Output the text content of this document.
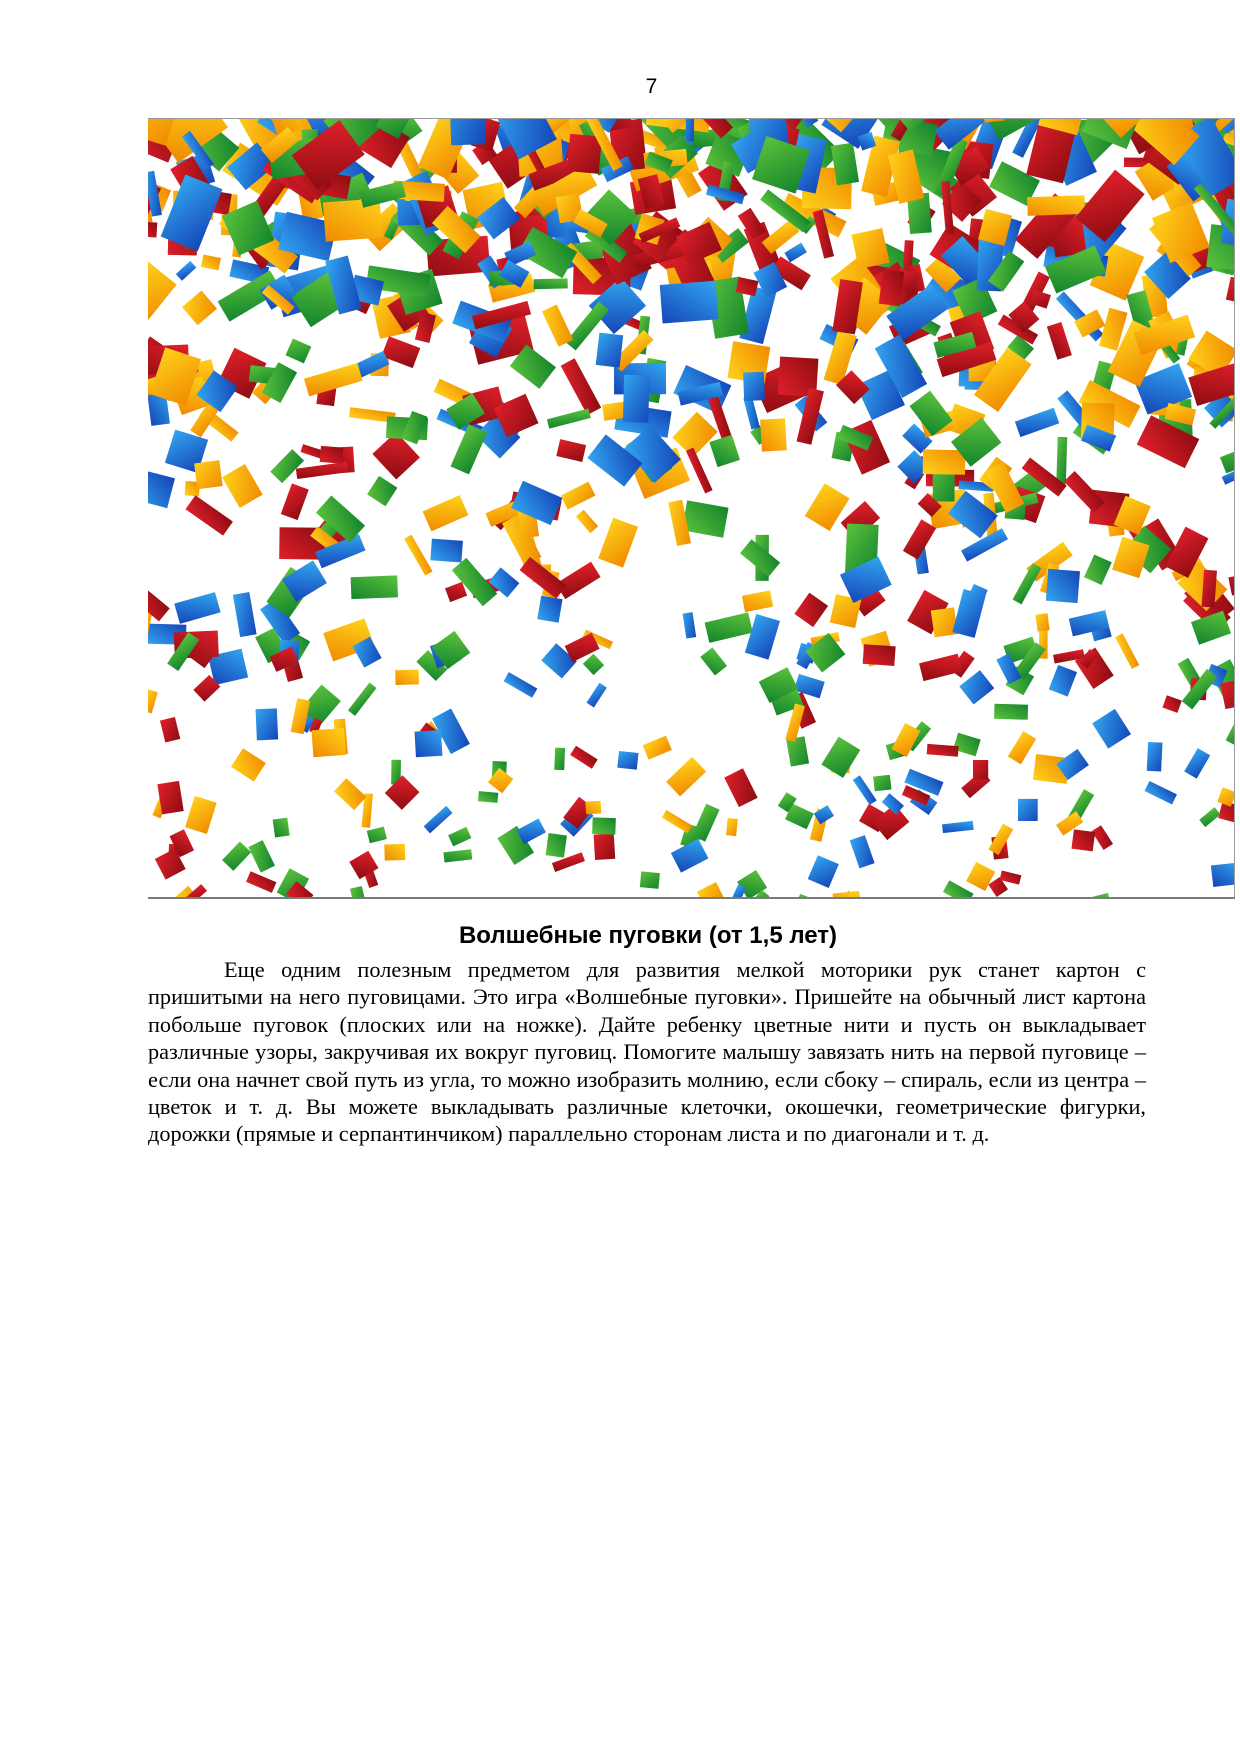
7
Волшебные пуговки (от 1,5 лет)

Еще одним полезным предметом для развития мелкой моторики рук станет картон с пришитыми на него пуговицами. Это игра «Волшебные пуговки». Пришейте на обычный лист картона побольше пуговок (плоских или на ножке). Дайте ребенку цветные нити и пусть он выкладывает различные узоры, закручивая их вокруг пуговиц. Помогите малышу завязать нить на первой пуговице – если она начнет свой путь из угла, то можно изобразить молнию, если сбоку – спираль, если из центра – цветок и т. д. Вы можете выкладывать различные клеточки, окошечки, геометрические фигурки, дорожки (прямые и серпантинчиком) параллельно сторонам листа и по диагонали и т. д.
